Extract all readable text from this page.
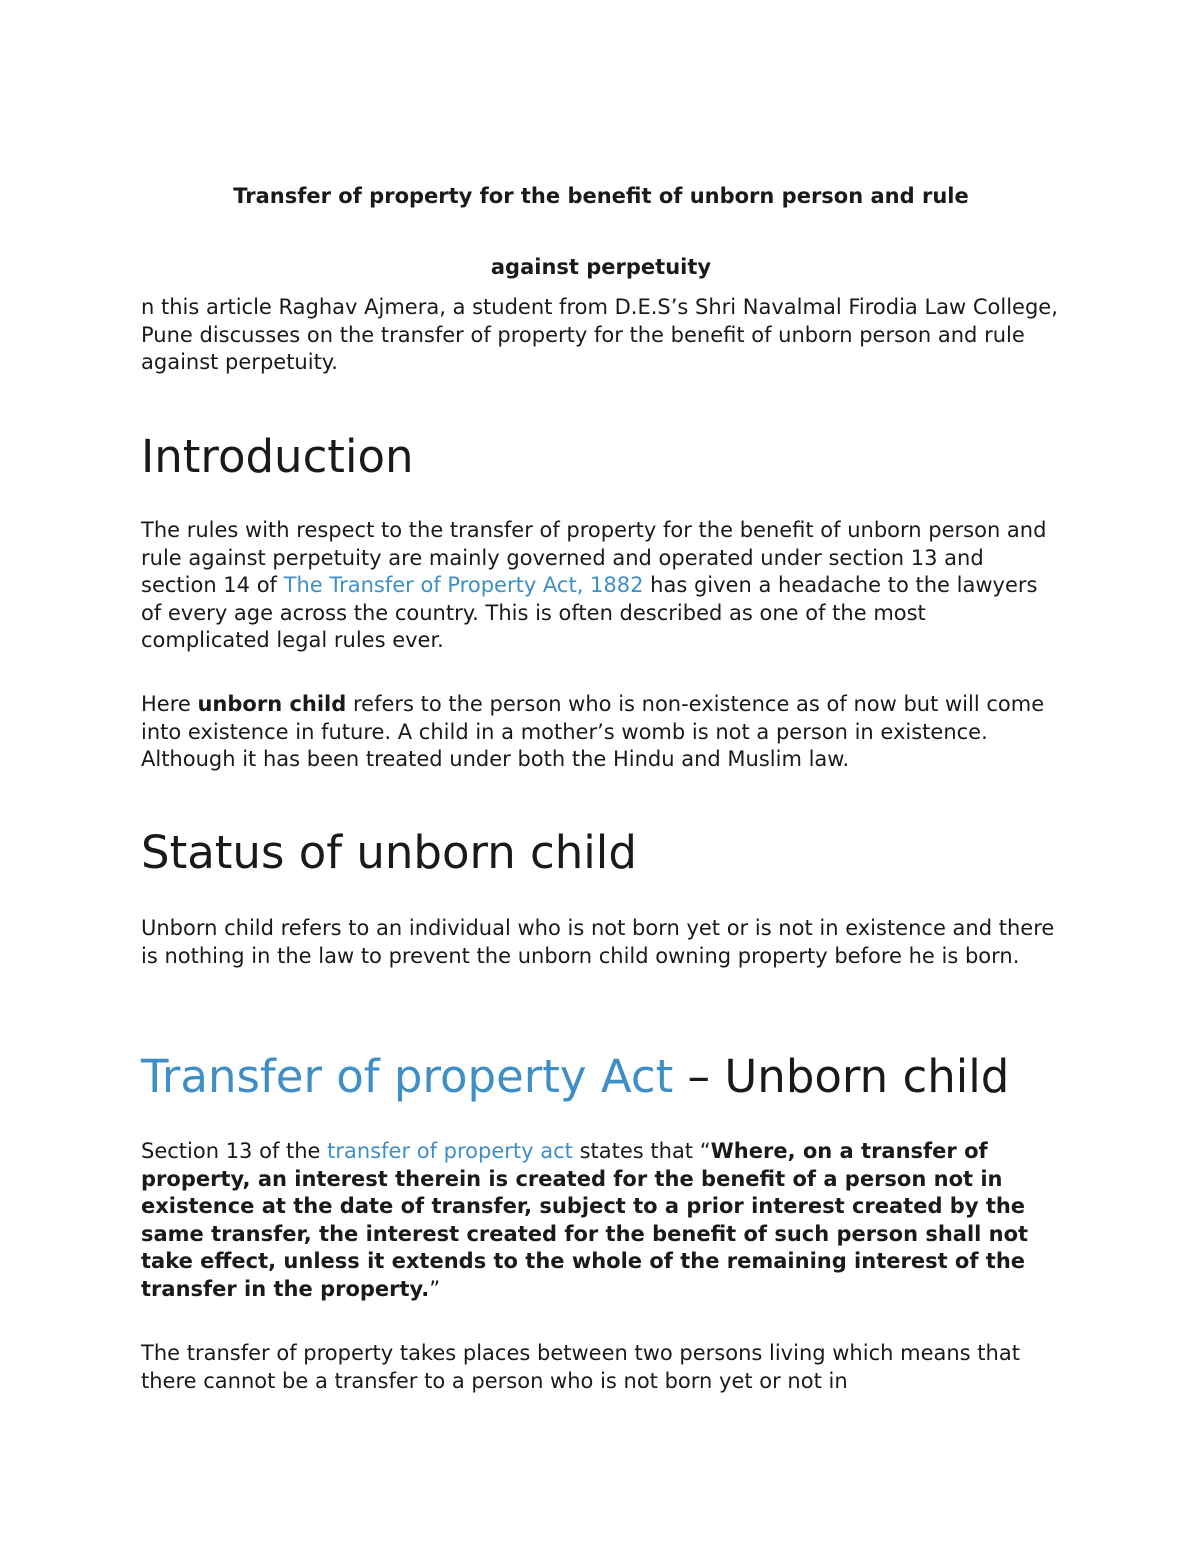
Transfer of property for the benefit of unborn person and rule

against perpetuity

n this article Raghav Ajmera, a student from D.E.S’s Shri Navalmal Firodia Law College, Pune discusses on the transfer of property for the benefit of unborn person and rule against perpetuity.

Introduction

The rules with respect to the transfer of property for the benefit of unborn person and rule against perpetuity are mainly governed and operated under section 13 and section 14 of The Transfer of Property Act, 1882 has given a headache to the lawyers of every age across the country. This is often described as one of the most complicated legal rules ever.

Here unborn child refers to the person who is non-existence as of now but will come into existence in future. A child in a mother’s womb is not a person in existence. Although it has been treated under both the Hindu and Muslim law.

Status of unborn child

Unborn child refers to an individual who is not born yet or is not in existence and there is nothing in the law to prevent the unborn child owning property before he is born.

Transfer of property Act – Unborn child

Section 13 of the transfer of property act states that “Where, on a transfer of property, an interest therein is created for the benefit of a person not in existence at the date of transfer, subject to a prior interest created by the same transfer, the interest created for the benefit of such person shall not take effect, unless it extends to the whole of the remaining interest of the transfer in the property.”

The transfer of property takes places between two persons living which means that there cannot be a transfer to a person who is not born yet or not in
